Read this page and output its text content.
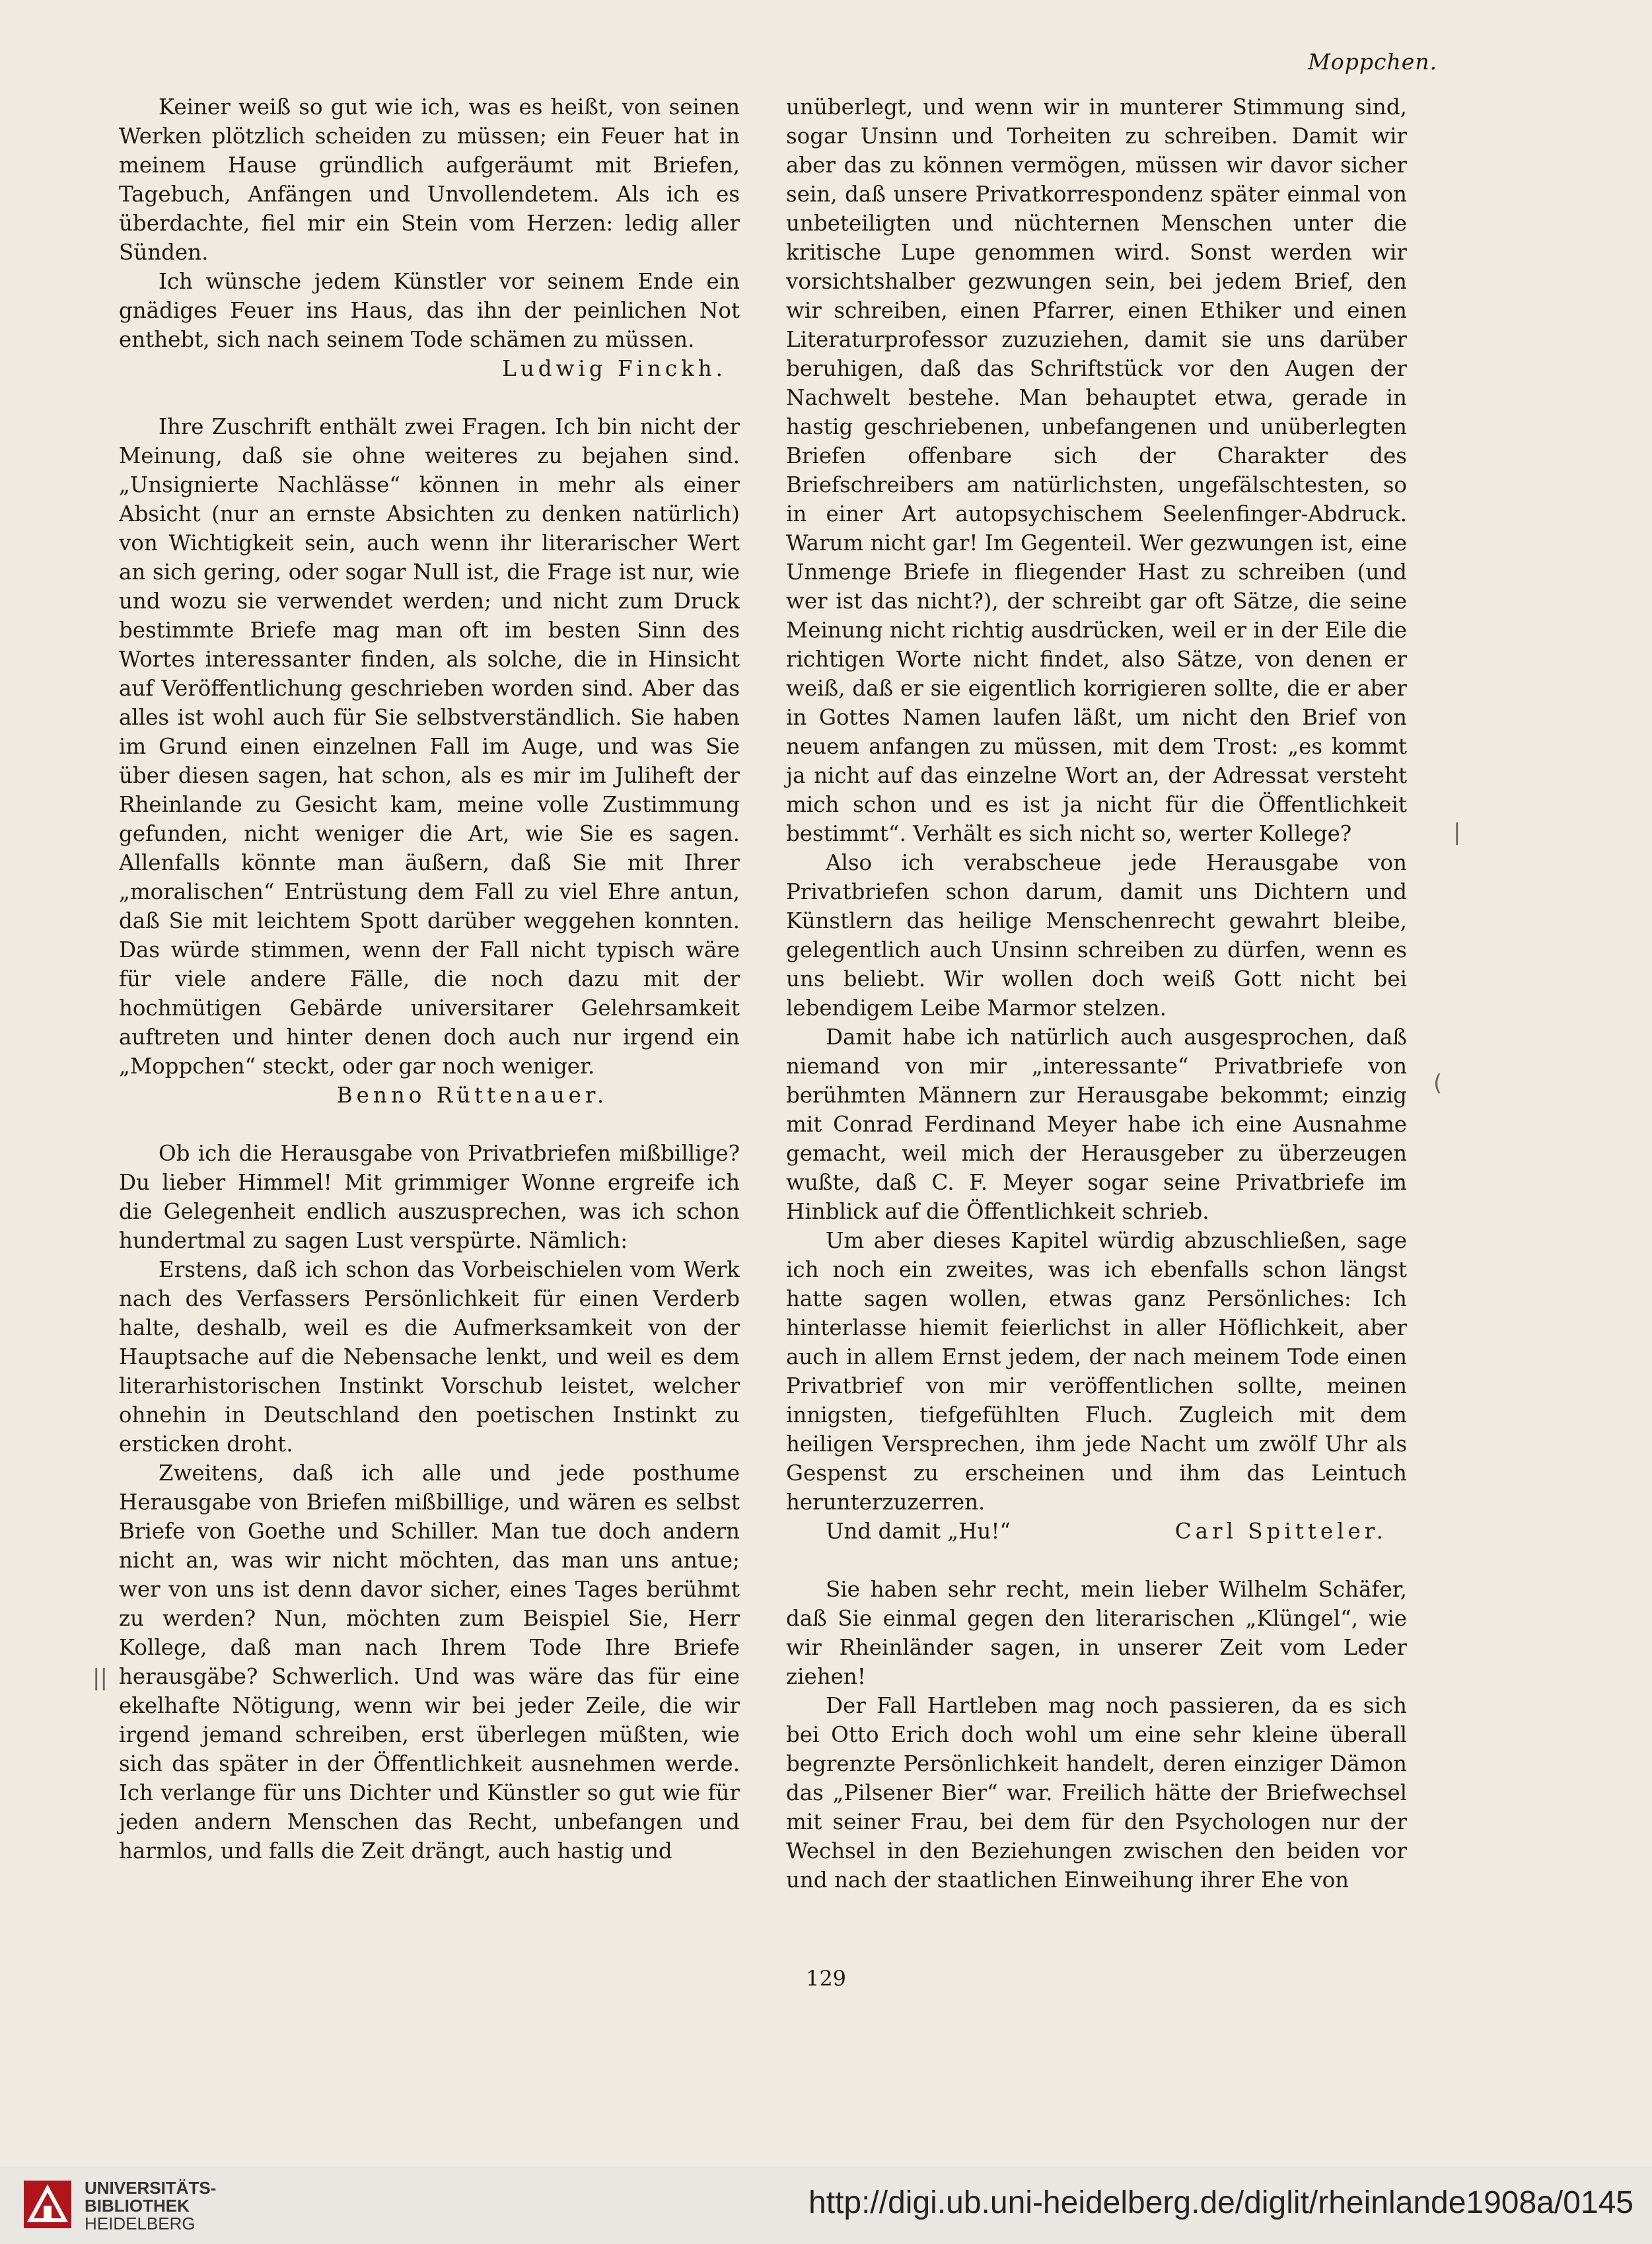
Moppchen.

Keiner weiß so gut wie ich, was es heißt, von seinen Werken plötzlich scheiden zu müssen; ein Feuer hat in meinem Hause gründlich aufgeräumt mit Briefen, Tagebuch, Anfängen und Unvollendetem. Als ich es überdachte, fiel mir ein Stein vom Herzen: ledig aller Sünden.

Ich wünsche jedem Künstler vor seinem Ende ein gnädiges Feuer ins Haus, das ihn der peinlichen Not enthebt, sich nach seinem Tode schämen zu müssen.

Ludwig Finckh.

Ihre Zuschrift enthält zwei Fragen. Ich bin nicht der Meinung, daß sie ohne weiteres zu bejahen sind. „Unsignierte Nachlässe“ können in mehr als einer Absicht (nur an ernste Absichten zu denken natürlich) von Wichtigkeit sein, auch wenn ihr literarischer Wert an sich gering, oder sogar Null ist, die Frage ist nur, wie und wozu sie verwendet werden; und nicht zum Druck bestimmte Briefe mag man oft im besten Sinn des Wortes interessanter finden, als solche, die in Hinsicht auf Veröffentlichung geschrieben worden sind. Aber das alles ist wohl auch für Sie selbstverständlich. Sie haben im Grund einen einzelnen Fall im Auge, und was Sie über diesen sagen, hat schon, als es mir im Juliheft der Rheinlande zu Gesicht kam, meine volle Zustimmung gefunden, nicht weniger die Art, wie Sie es sagen. Allenfalls könnte man äußern, daß Sie mit Ihrer „moralischen“ Entrüstung dem Fall zu viel Ehre antun, daß Sie mit leichtem Spott darüber weggehen konnten. Das würde stimmen, wenn der Fall nicht typisch wäre für viele andere Fälle, die noch dazu mit der hochmütigen Gebärde universitarer Gelehrsamkeit auftreten und hinter denen doch auch nur irgend ein „Moppchen“ steckt, oder gar noch weniger.

Benno Rüttenauer.

Ob ich die Herausgabe von Privatbriefen mißbillige? Du lieber Himmel! Mit grimmiger Wonne ergreife ich die Gelegenheit endlich auszusprechen, was ich schon hundertmal zu sagen Lust verspürte. Nämlich:

Erstens, daß ich schon das Vorbeischielen vom Werk nach des Verfassers Persönlichkeit für einen Verderb halte, deshalb, weil es die Aufmerksamkeit von der Hauptsache auf die Nebensache lenkt, und weil es dem literarhistorischen Instinkt Vorschub leistet, welcher ohnehin in Deutschland den poetischen Instinkt zu ersticken droht.

Zweitens, daß ich alle und jede posthume Herausgabe von Briefen mißbillige, und wären es selbst Briefe von Goethe und Schiller. Man tue doch andern nicht an, was wir nicht möchten, das man uns antue; wer von uns ist denn davor sicher, eines Tages berühmt zu werden? Nun, möchten zum Beispiel Sie, Herr Kollege, daß man nach Ihrem Tode Ihre Briefe herausgäbe? Schwerlich. Und was wäre das für eine ekelhafte Nötigung, wenn wir bei jeder Zeile, die wir irgend jemand schreiben, erst überlegen müßten, wie sich das später in der Öffentlichkeit ausnehmen werde. Ich verlange für uns Dichter und Künstler so gut wie für jeden andern Menschen das Recht, unbefangen und harmlos, und falls die Zeit drängt, auch hastig und

unüberlegt, und wenn wir in munterer Stimmung sind, sogar Unsinn und Torheiten zu schreiben. Damit wir aber das zu können vermögen, müssen wir davor sicher sein, daß unsere Privatkorrespondenz später einmal von unbeteiligten und nüchternen Menschen unter die kritische Lupe genommen wird. Sonst werden wir vorsichtshalber gezwungen sein, bei jedem Brief, den wir schreiben, einen Pfarrer, einen Ethiker und einen Literaturprofessor zuzuziehen, damit sie uns darüber beruhigen, daß das Schriftstück vor den Augen der Nachwelt bestehe. Man behauptet etwa, gerade in hastig geschriebenen, unbefangenen und unüberlegten Briefen offenbare sich der Charakter des Briefschreibers am natürlichsten, ungefälschtesten, so in einer Art autopsychischem Seelenfinger-Abdruck. Warum nicht gar! Im Gegenteil. Wer gezwungen ist, eine Unmenge Briefe in fliegender Hast zu schreiben (und wer ist das nicht?), der schreibt gar oft Sätze, die seine Meinung nicht richtig ausdrücken, weil er in der Eile die richtigen Worte nicht findet, also Sätze, von denen er weiß, daß er sie eigentlich korrigieren sollte, die er aber in Gottes Namen laufen läßt, um nicht den Brief von neuem anfangen zu müssen, mit dem Trost: „es kommt ja nicht auf das einzelne Wort an, der Adressat versteht mich schon und es ist ja nicht für die Öffentlichkeit bestimmt“. Verhält es sich nicht so, werter Kollege?

Also ich verabscheue jede Herausgabe von Privatbriefen schon darum, damit uns Dichtern und Künstlern das heilige Menschenrecht gewahrt bleibe, gelegentlich auch Unsinn schreiben zu dürfen, wenn es uns beliebt. Wir wollen doch weiß Gott nicht bei lebendigem Leibe Marmor stelzen.

Damit habe ich natürlich auch ausgesprochen, daß niemand von mir „interessante“ Privatbriefe von berühmten Männern zur Herausgabe bekommt; einzig mit Conrad Ferdinand Meyer habe ich eine Ausnahme gemacht, weil mich der Herausgeber zu überzeugen wußte, daß C. F. Meyer sogar seine Privatbriefe im Hinblick auf die Öffentlichkeit schrieb.

Um aber dieses Kapitel würdig abzuschließen, sage ich noch ein zweites, was ich ebenfalls schon längst hatte sagen wollen, etwas ganz Persönliches: Ich hinterlasse hiemit feierlichst in aller Höflichkeit, aber auch in allem Ernst jedem, der nach meinem Tode einen Privatbrief von mir veröffentlichen sollte, meinen innigsten, tiefgefühlten Fluch. Zugleich mit dem heiligen Versprechen, ihm jede Nacht um zwölf Uhr als Gespenst zu erscheinen und ihm das Leintuch herunterzuzerren.

Und damit „Hu!“	Carl Spitteler.

Sie haben sehr recht, mein lieber Wilhelm Schäfer, daß Sie einmal gegen den literarischen „Klüngel“, wie wir Rheinländer sagen, in unserer Zeit vom Leder ziehen!

Der Fall Hartleben mag noch passieren, da es sich bei Otto Erich doch wohl um eine sehr kleine überall begrenzte Persönlichkeit handelt, deren einziger Dämon das „Pilsener Bier“ war. Freilich hätte der Briefwechsel mit seiner Frau, bei dem für den Psychologen nur der Wechsel in den Beziehungen zwischen den beiden vor und nach der staatlichen Einweihung ihrer Ehe von

|
(
||
129
UNIVERSITÄTS-
BIBLIOTHEK
HEIDELBERG
http://digi.ub.uni-heidelberg.de/diglit/rheinlande1908a/0145
